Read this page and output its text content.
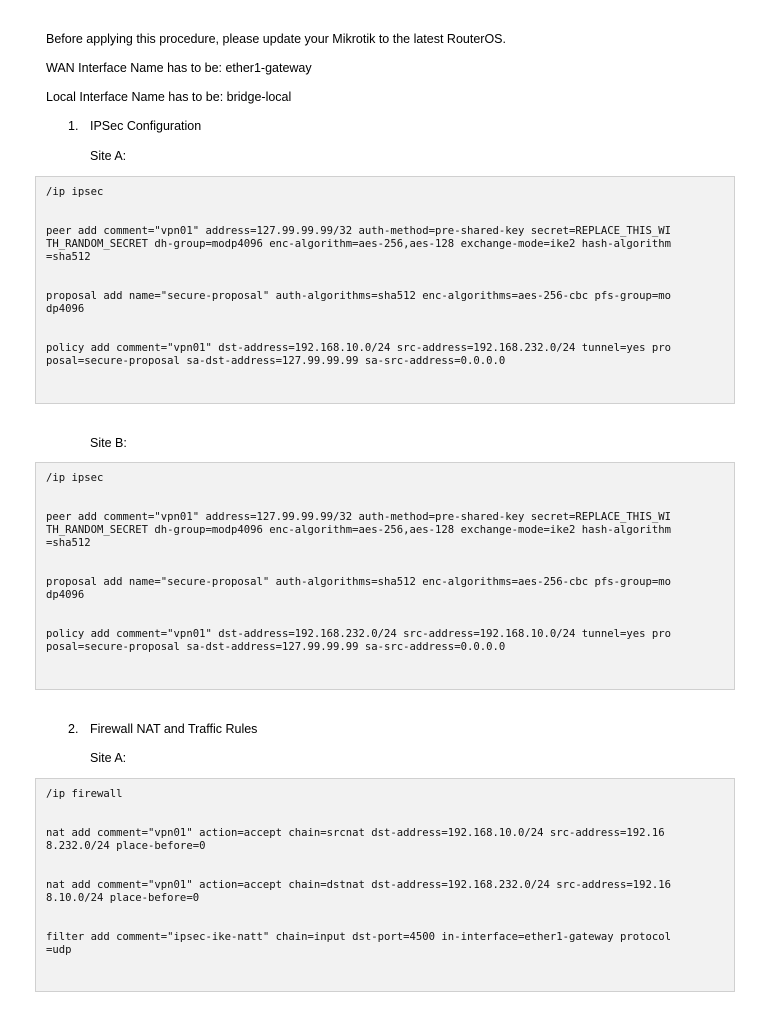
Before applying this procedure, please update your Mikrotik to the latest RouterOS.
WAN Interface Name has to be: ether1-gateway
Local Interface Name has to be: bridge-local
1. IPSec Configuration
Site A:
/ip ipsec
peer add comment="vpn01" address=127.99.99.99/32 auth-method=pre-shared-key secret=REPLACE_THIS_WI
TH_RANDOM_SECRET dh-group=modp4096 enc-algorithm=aes-256,aes-128 exchange-mode=ike2 hash-algorithm
=sha512
proposal add name="secure-proposal" auth-algorithms=sha512 enc-algorithms=aes-256-cbc pfs-group=mo
dp4096
policy add comment="vpn01" dst-address=192.168.10.0/24 src-address=192.168.232.0/24 tunnel=yes pro
posal=secure-proposal sa-dst-address=127.99.99.99 sa-src-address=0.0.0.0
Site B:
/ip ipsec
peer add comment="vpn01" address=127.99.99.99/32 auth-method=pre-shared-key secret=REPLACE_THIS_WI
TH_RANDOM_SECRET dh-group=modp4096 enc-algorithm=aes-256,aes-128 exchange-mode=ike2 hash-algorithm
=sha512
proposal add name="secure-proposal" auth-algorithms=sha512 enc-algorithms=aes-256-cbc pfs-group=mo
dp4096
policy add comment="vpn01" dst-address=192.168.232.0/24 src-address=192.168.10.0/24 tunnel=yes pro
posal=secure-proposal sa-dst-address=127.99.99.99 sa-src-address=0.0.0.0
2. Firewall NAT and Traffic Rules
Site A:
/ip firewall
nat add comment="vpn01" action=accept chain=srcnat dst-address=192.168.10.0/24 src-address=192.16
8.232.0/24 place-before=0
nat add comment="vpn01" action=accept chain=dstnat dst-address=192.168.232.0/24 src-address=192.16
8.10.0/24 place-before=0
filter add comment="ipsec-ike-natt" chain=input dst-port=4500 in-interface=ether1-gateway protocol
=udp
